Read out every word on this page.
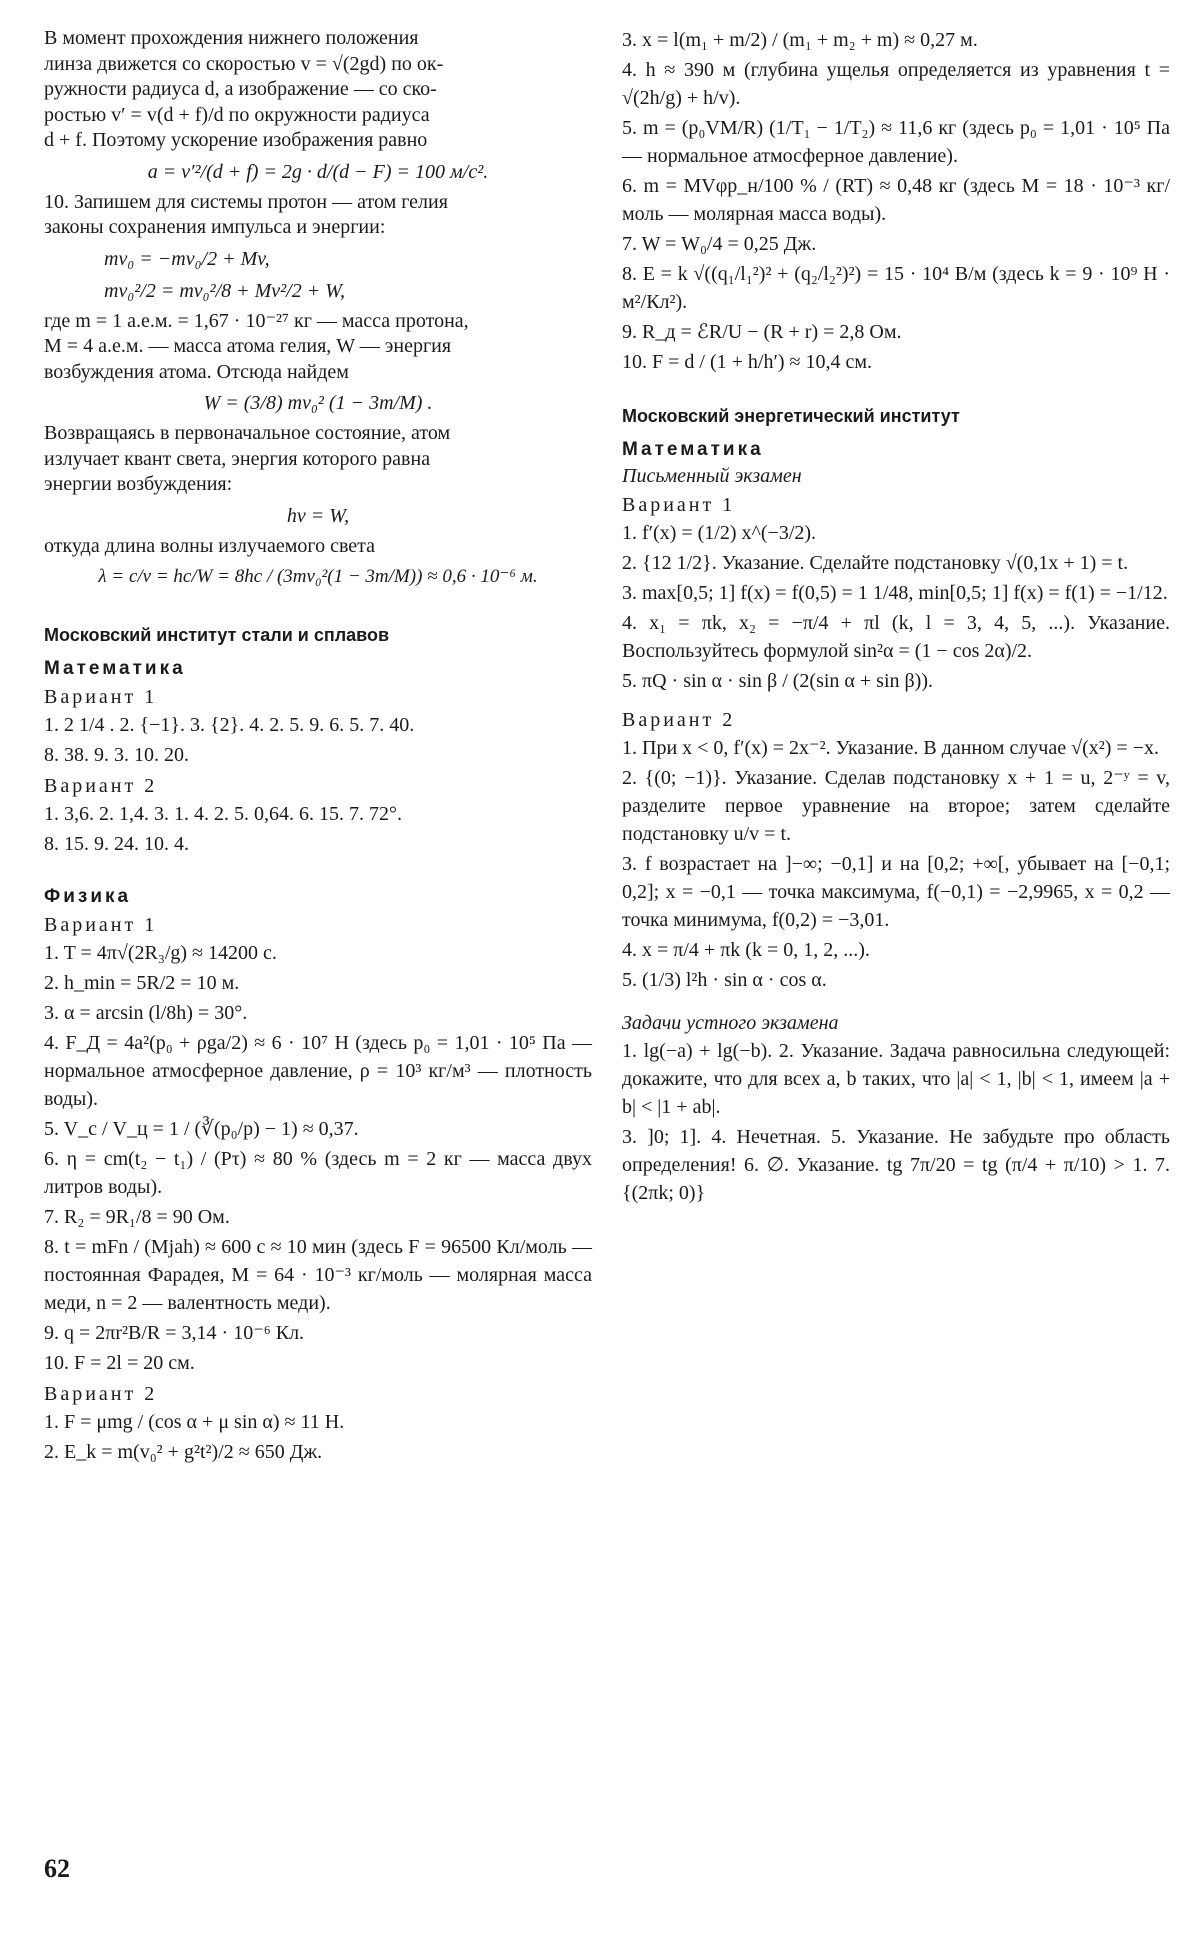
В момент прохождения нижнего положения

линза движется со скоростью v = √(2gd) по ок-

ружности радиуса d, а изображение — со ско-

ростью v′ = v(d + f)/d по окружности радиуса

d + f. Поэтому ускорение изображения равно

a = v′²/(d + f) = 2g · d/(d − F) = 100 м/с².

10. Запишем для системы протон — атом гелия

законы сохранения импульса и энергии:

mv₀ = −mv₀/2 + Mv,
mv₀²/2 = mv₀²/8 + Mv²/2 + W,

где m = 1 а.е.м. = 1,67 · 10⁻²⁷ кг — масса протона,

M = 4 а.е.м. — масса атома гелия, W — энергия

возбуждения атома. Отсюда найдем

W = (3/8) mv₀² (1 − 3m/M) .

Возвращаясь в первоначальное состояние, атом

излучает квант света, энергия которого равна

энергии возбуждения:

hν = W,

откуда длина волны излучаемого света

λ = c/ν = hc/W = 8hc / (3mv₀²(1 − 3m/M)) ≈ 0,6 · 10⁻⁶ м.
Московский институт стали и сплавов
Математика
Вариант 1
1. 2 1/4 . 2. {−1}. 3. {2}. 4. 2. 5. 9. 6. 5. 7. 40.
8. 38. 9. 3. 10. 20.
Вариант 2
1. 3,6. 2. 1,4. 3. 1. 4. 2. 5. 0,64. 6. 15. 7. 72°.
8. 15. 9. 24. 10. 4.
Физика
Вариант 1
1. T = 4π√(2R₃/g) ≈ 14200 с.
2. h_min = 5R/2 = 10 м.
3. α = arcsin (l/8h) = 30°.
4. F_Д = 4a²(p₀ + ρga/2) ≈ 6 · 10⁷ Н (здесь p₀ = 1,01 · 10⁵ Па — нормальное атмосферное давление, ρ = 10³ кг/м³ — плотность воды).
5. V_с / V_ц = 1 / (∛(p₀/p) − 1) ≈ 0,37.
6. η = cm(t₂ − t₁) / (Pτ) ≈ 80 % (здесь m = 2 кг — масса двух литров воды).
7. R₂ = 9R₁/8 = 90 Ом.
8. t = mFn / (Mjah) ≈ 600 с ≈ 10 мин (здесь F = 96500 Кл/моль — постоянная Фарадея, M = 64 · 10⁻³ кг/моль — молярная масса меди, n = 2 — валентность меди).
9. q = 2πr²B/R = 3,14 · 10⁻⁶ Кл.
10. F = 2l = 20 см.
Вариант 2
1. F = μmg / (cos α + μ sin α) ≈ 11 Н.
2. E_k = m(v₀² + g²t²)/2 ≈ 650 Дж.
3. x = l(m₁ + m/2) / (m₁ + m₂ + m) ≈ 0,27 м.
4. h ≈ 390 м (глубина ущелья определяется из уравнения t = √(2h/g) + h/v).
5. m = (p₀VM/R) (1/T₁ − 1/T₂) ≈ 11,6 кг (здесь p₀ = 1,01 · 10⁵ Па — нормальное атмосферное давление).
6. m = MVφp_н/100 % / (RT) ≈ 0,48 кг (здесь M = 18 · 10⁻³ кг/моль — молярная масса воды).
7. W = W₀/4 = 0,25 Дж.
8. E = k √((q₁/l₁²)² + (q₂/l₂²)²) = 15 · 10⁴ В/м (здесь k = 9 · 10⁹ Н · м²/Кл²).
9. R_д = ℰR/U − (R + r) = 2,8 Ом.
10. F = d / (1 + h/h′) ≈ 10,4 см.
Московский энергетический институт
Математика
Письменный экзамен
Вариант 1
1. f′(x) = (1/2) x^(−3/2).
2. {12 1/2}. Указание. Сделайте подстановку √(0,1x + 1) = t.
3. max[0,5; 1] f(x) = f(0,5) = 1 1/48, min[0,5; 1] f(x) = f(1) = −1/12.
4. x₁ = πk, x₂ = −π/4 + πl (k, l = 3, 4, 5, ...). Указание. Воспользуйтесь формулой sin²α = (1 − cos 2α)/2.
5. πQ · sin α · sin β / (2(sin α + sin β)).
Вариант 2
1. При x < 0, f′(x) = 2x⁻². Указание. В данном случае √(x²) = −x.
2. {(0; −1)}. Указание. Сделав подстановку x + 1 = u, 2⁻ʸ = v, разделите первое уравнение на второе; затем сделайте подстановку u/v = t.
3. f возрастает на ]−∞; −0,1] и на [0,2; +∞[, убывает на [−0,1; 0,2]; x = −0,1 — точка максимума, f(−0,1) = −2,9965, x = 0,2 — точка минимума, f(0,2) = −3,01.
4. x = π/4 + πk (k = 0, 1, 2, ...).
5. (1/3) l²h · sin α · cos α.
Задачи устного экзамена
1. lg(−a) + lg(−b). 2. Указание. Задача равносильна следующей: докажите, что для всех a, b таких, что |a| < 1, |b| < 1, имеем |a + b| < |1 + ab|.
3. ]0; 1]. 4. Нечетная. 5. Указание. Не забудьте про область определения! 6. ∅. Указание. tg 7π/20 = tg (π/4 + π/10) > 1. 7. {(2πk; 0)}
62
